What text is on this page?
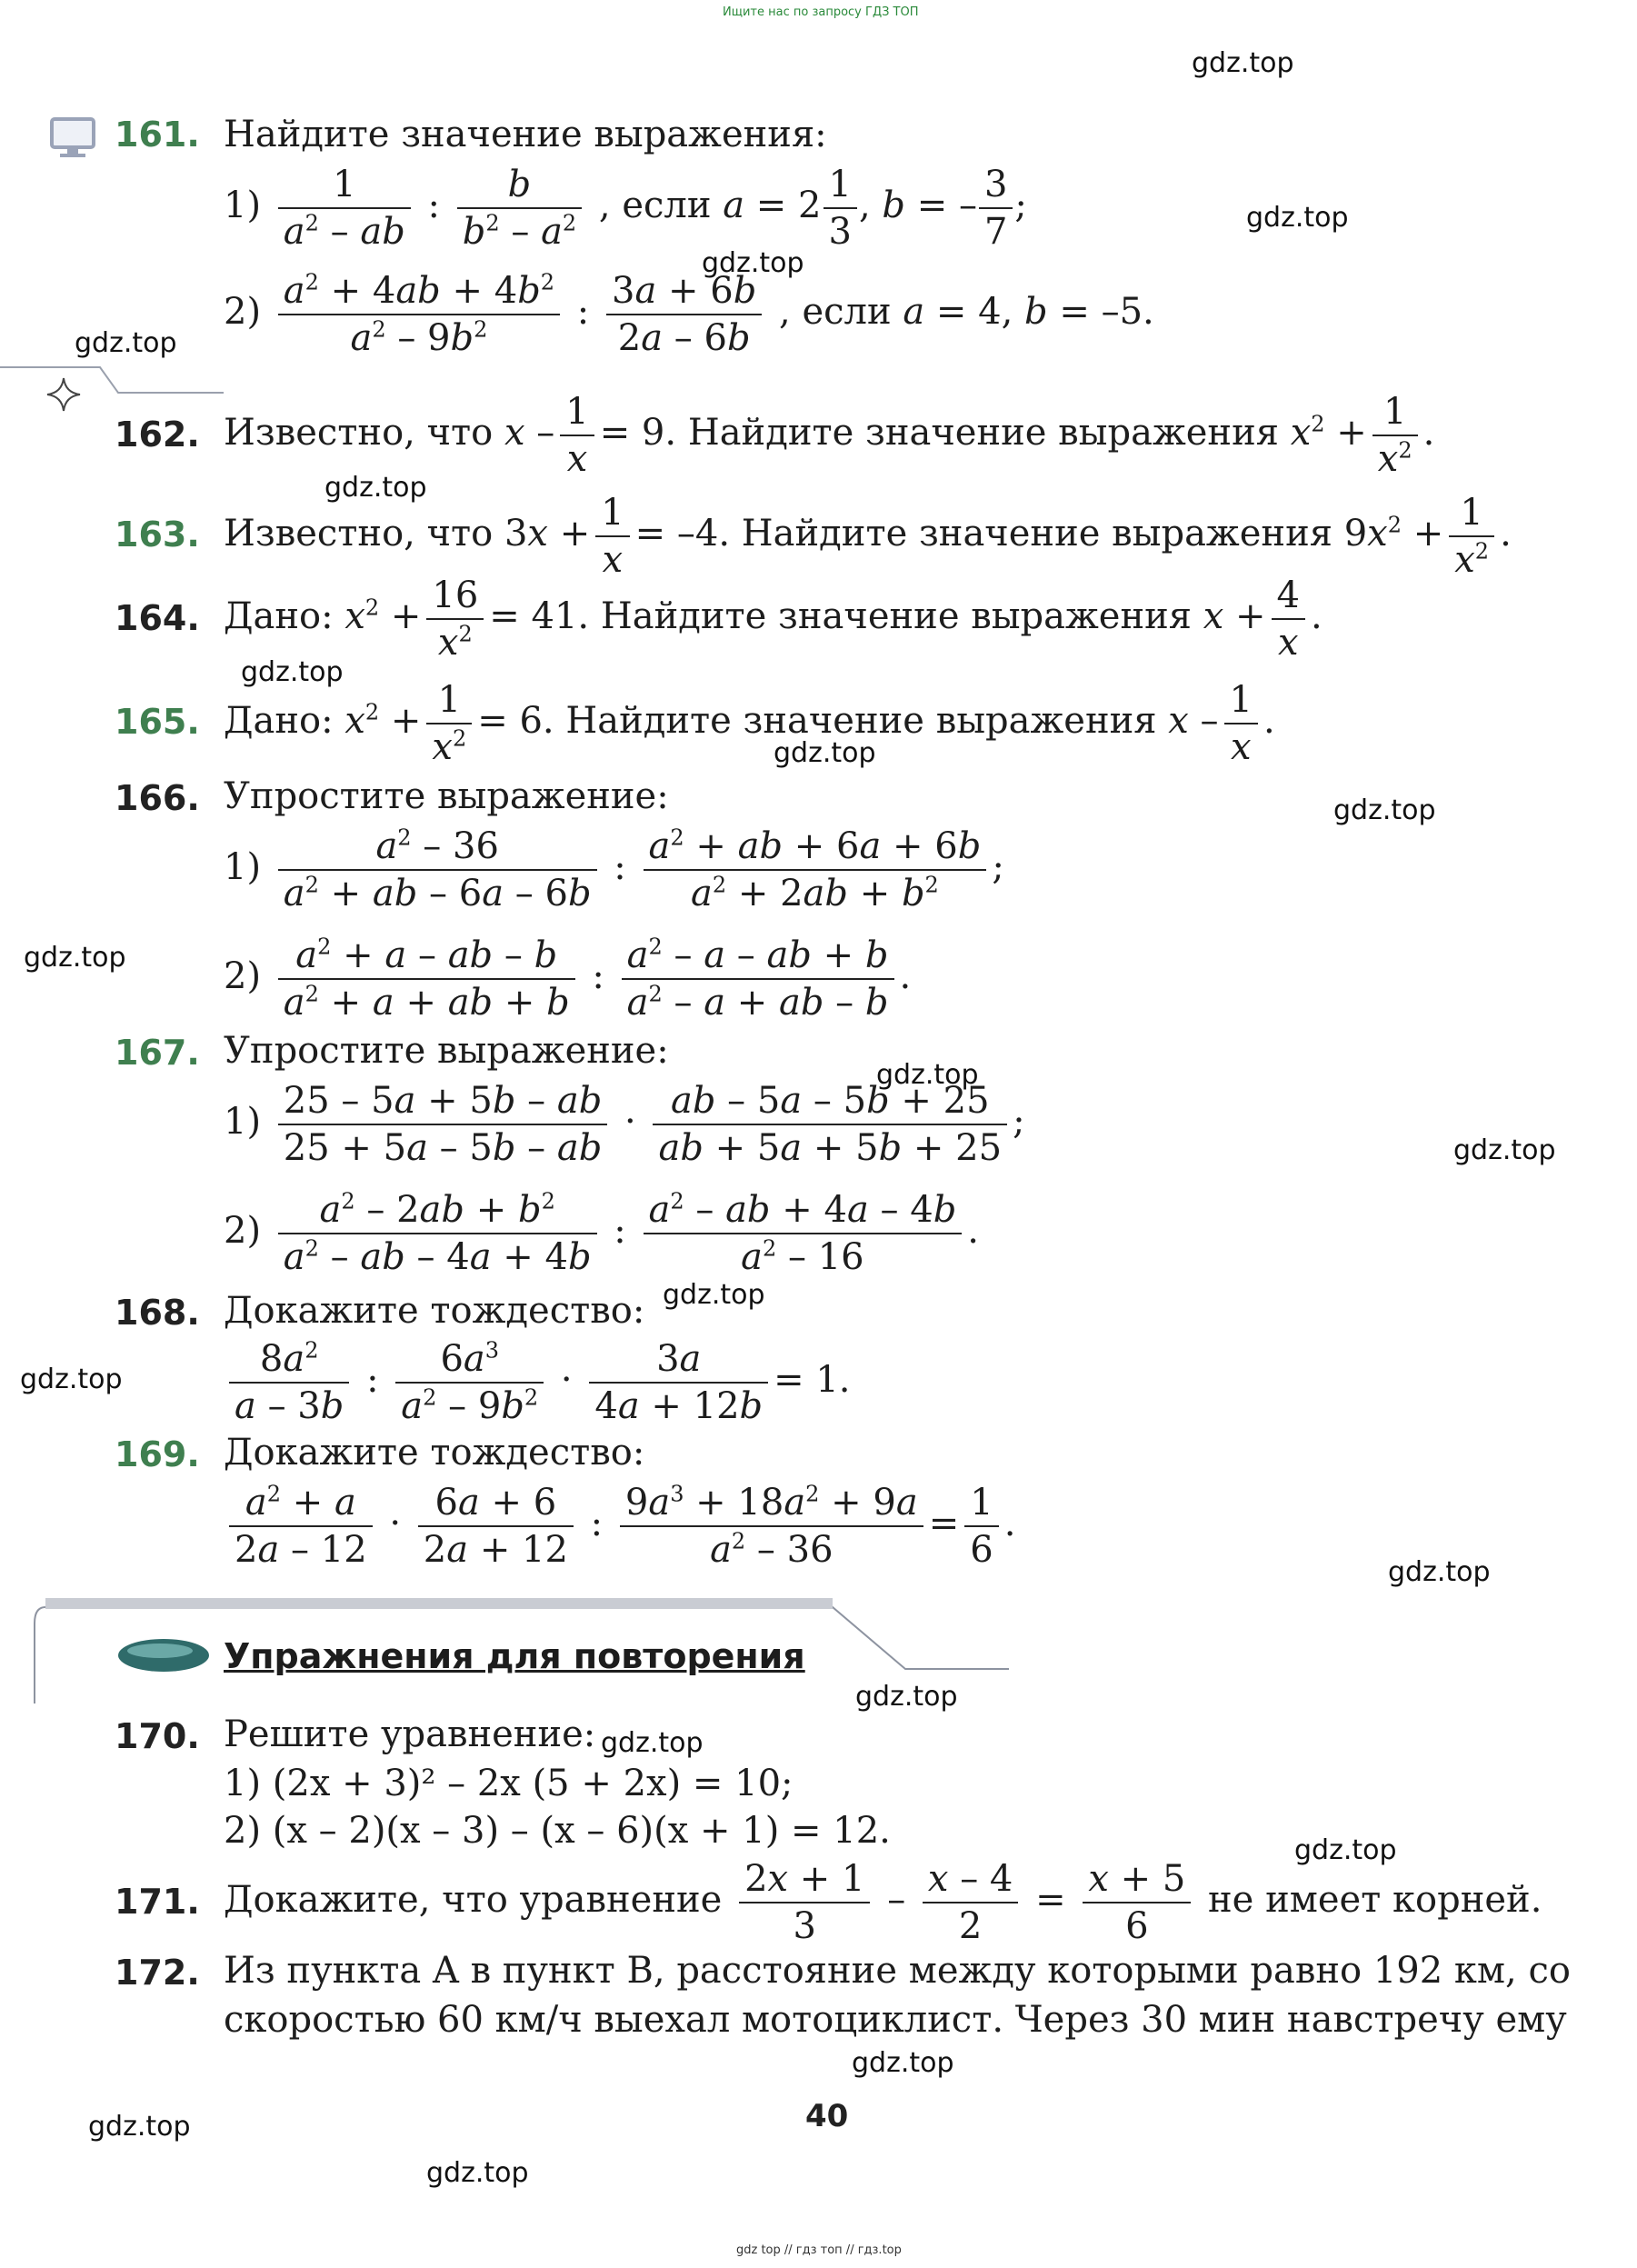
Ищите нас по запросу ГДЗ ТОП
gdz.top
gdz.top
gdz.top
gdz.top
gdz.top
gdz.top
gdz.top
gdz.top
gdz.top
gdz.top
gdz.top
gdz.top
gdz.top
gdz.top
gdz.top
gdz.top
gdz.top
gdz.top
gdz.top
gdz.top
161. Найдите значение выражения:
$1) \frac{1}{a^2 - ab}$ : $\frac{b}{b^2 - a^2}$ , если $a = 2 \frac{1}{3}$ , b = – $\frac{3}{7}$ ;
$2) \frac{a^2 + 4ab + 4b^2}{a^2 - 9b^2}$ : $\frac{3a + 6b}{2a - 6b}$ , если a = 4, b = –5.
162. Известно, что $x - \frac{1}{x} = 9$. Найдите значение выражения $x^2 + \frac{1}{x^2}$ .
163. Известно, что $3x + \frac{1}{x} = -4$. Найдите значение выражения $9x^2 + \frac{1}{x^2}$ .
164. Дано: $x^2 + \frac{16}{x^2} = 41$. Найдите значение выражения $x + \frac{4}{x}$ .
165. Дано: $x^2 + \frac{1}{x^2} = 6$. Найдите значение выражения x – $\frac{1}{x}$ .
166. Упростите выражение:
$1) \frac{a^2 - 36}{a^2 + ab - 6a - 6b}$ : $\frac{a^2 + ab + 6a + 6b}{a^2 + 2ab + b^2}$ ;
$2) \frac{a^2 + a - ab - b}{a^2 + a + ab + b}$ : $\frac{a^2 - a - ab + b}{a^2 - a + ab - b}$ .
167. Упростите выражение:
$1) \frac{25 - 5a + 5b - ab}{25 + 5a - 5b - ab} \cdot \frac{ab - 5a - 5b + 25}{ab + 5a + 5b + 25}$ ;
$2) \frac{a^2 - 2ab + b^2}{a^2 - ab - 4a + 4b}$ : $\frac{a^2 - ab + 4a - 4b}{a^2 - 16}$ .
168. Докажите тождество:
$\frac{8a^2}{a - 3b}$ : $\frac{6a^3}{a^2 - 9b^2} \cdot \frac{3a}{4a + 12b} = 1$.
169. Докажите тождество:
$\frac{a^2 + a}{2a - 12} \cdot \frac{6a + 6}{2a + 12}$ : $\frac{9a^3 + 18a^2 + 9a}{a^2 - 36} = \frac{1}{6}$ .
Упражнения для повторения
170. Решите уравнение:
1) (2x + 3)² – 2x (5 + 2x) = 10;
2) (x – 2)(x – 3) – (x – 6)(x + 1) = 12.
171. Докажите, что уравнение $\frac{2x + 1}{3} - \frac{x - 4}{2} = \frac{x + 5}{6}$ не имеет корней.
172. Из пункта A в пункт B, расстояние между которыми равно 192 км, со
скоростью 60 км/ч выехал мотоциклист. Через 30 мин навстречу ему
40
gdz top // гдз топ // гдз.top
